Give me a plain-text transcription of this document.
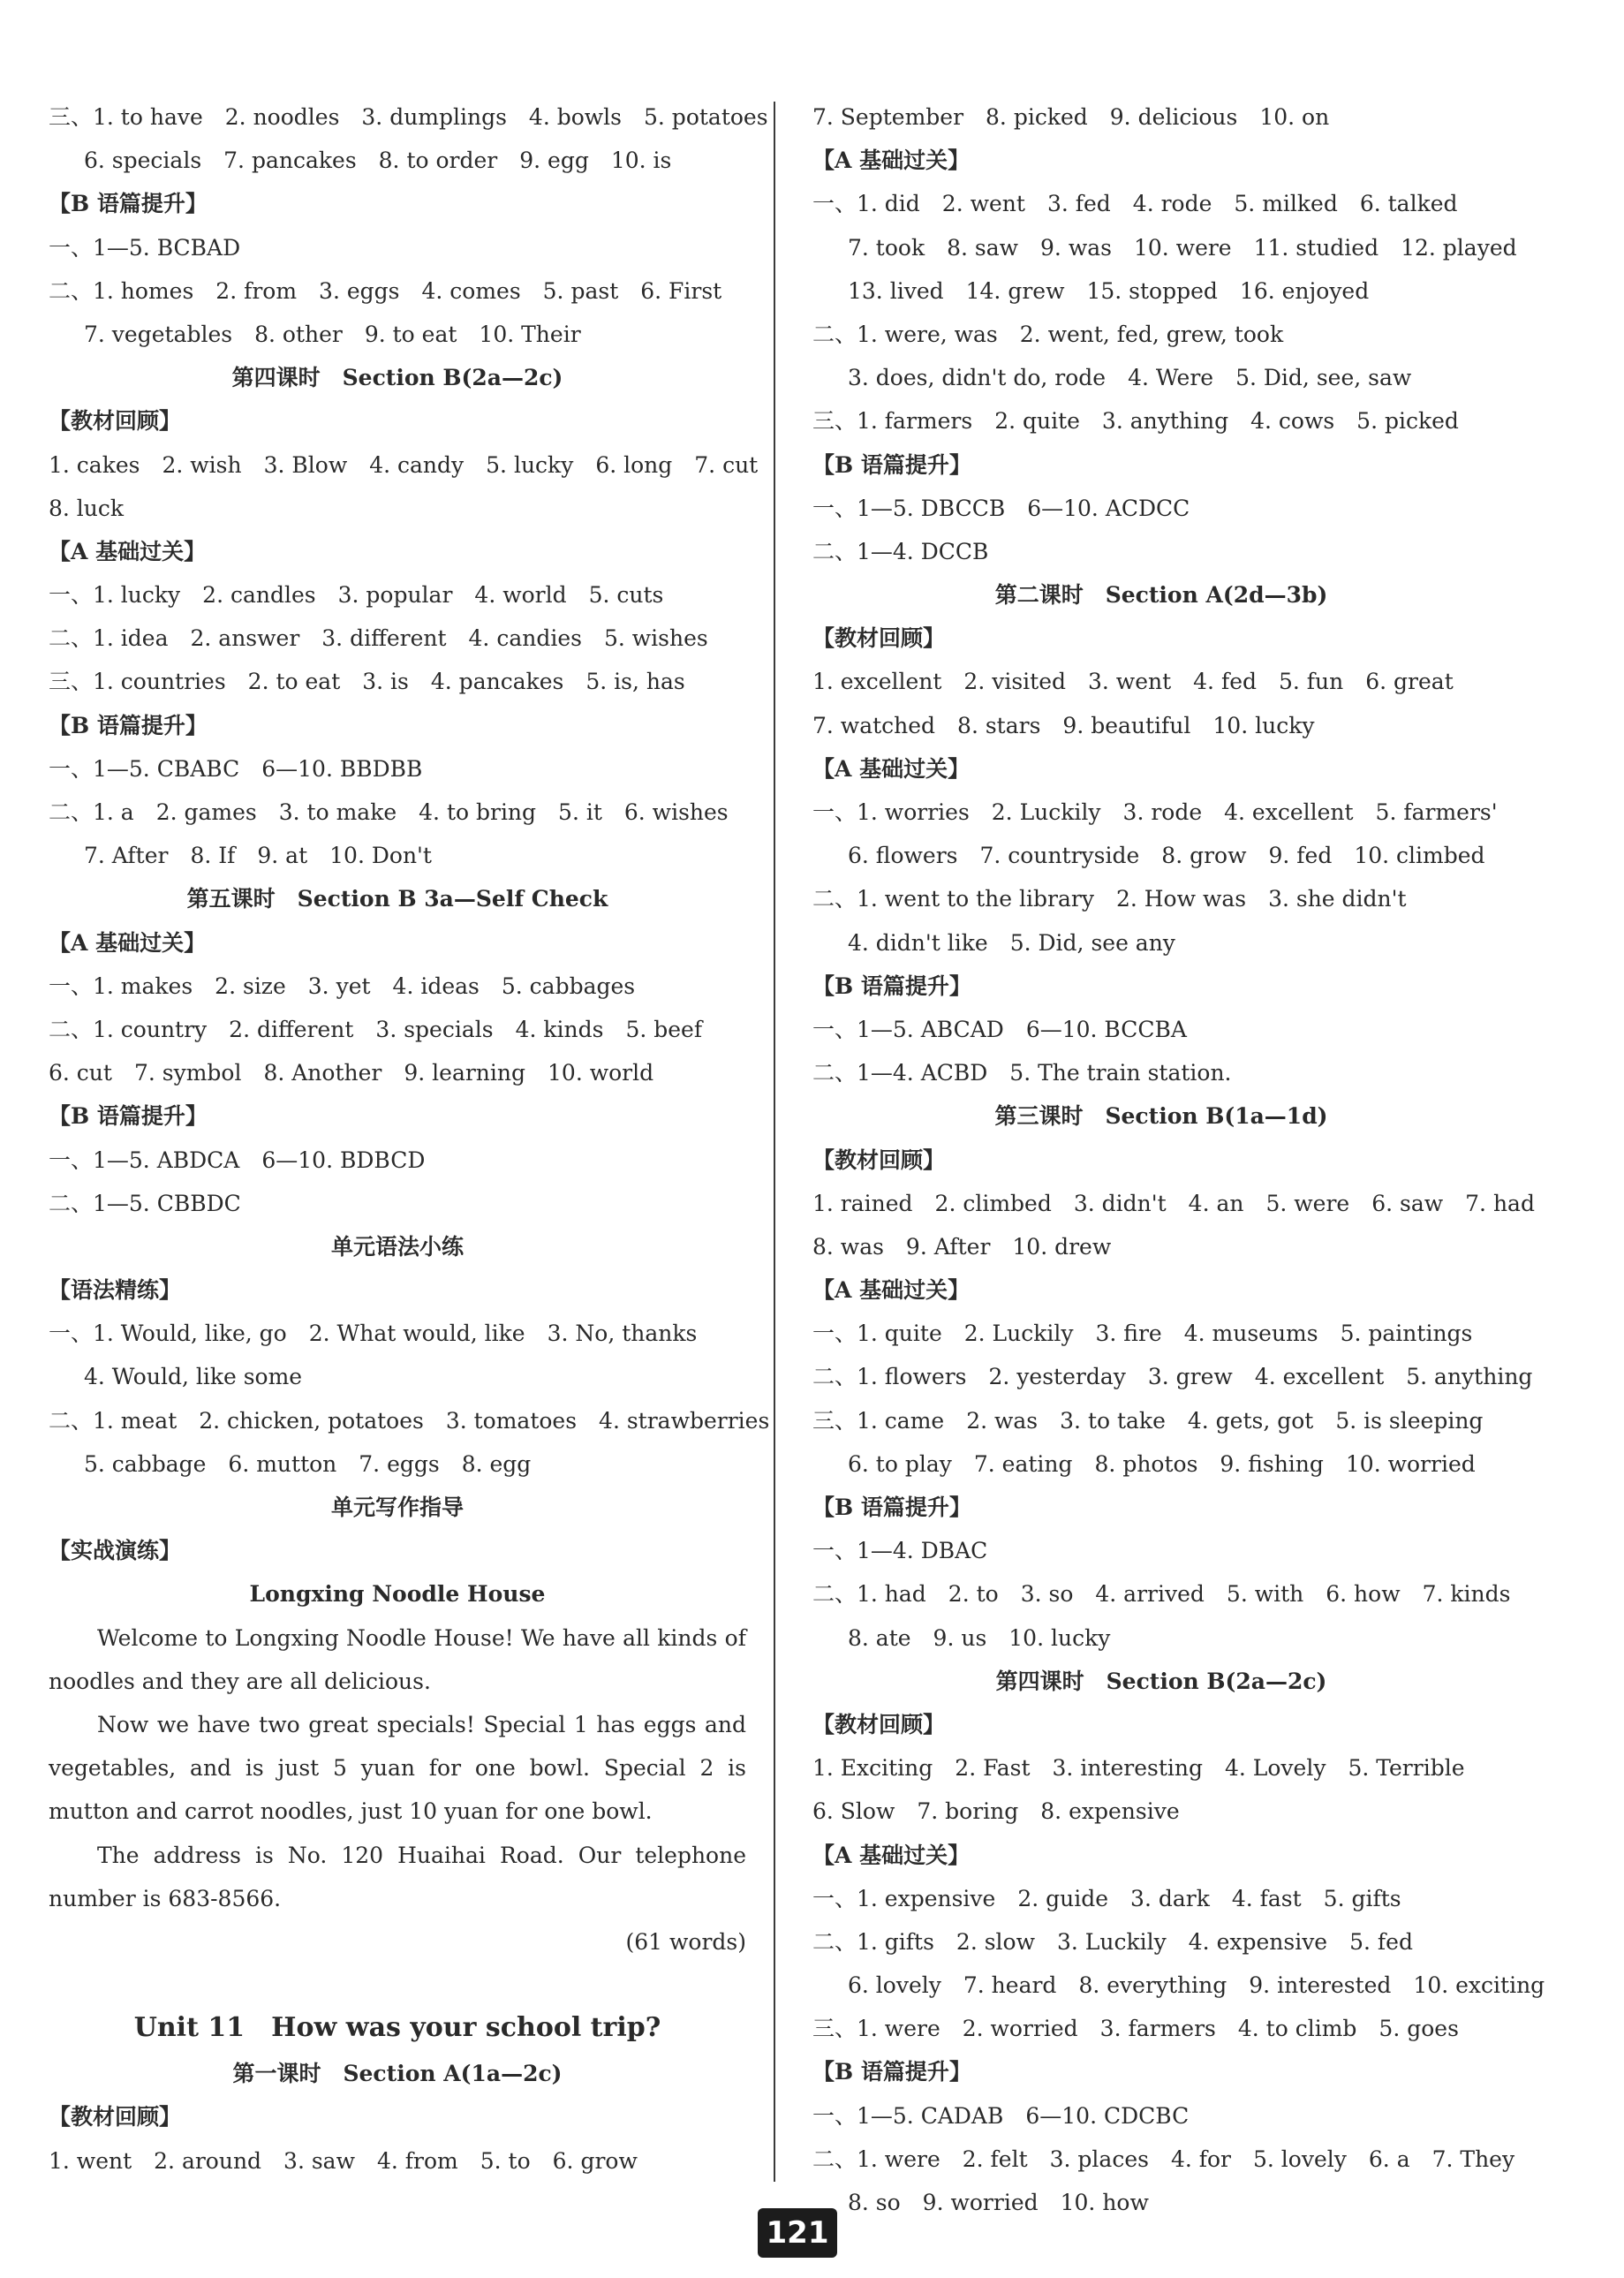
三、1. to have　2. noodles　3. dumplings　4. bowls　5. potatoes
6. specials　7. pancakes　8. to order　9. egg　10. is
【B 语篇提升】
一、1—5. BCBAD
二、1. homes　2. from　3. eggs　4. comes　5. past　6. First
7. vegetables　8. other　9. to eat　10. Their
第四课时　Section B(2a—2c)
【教材回顾】
1. cakes　2. wish　3. Blow　4. candy　5. lucky　6. long　7. cut
8. luck
【A 基础过关】
一、1. lucky　2. candles　3. popular　4. world　5. cuts
二、1. idea　2. answer　3. different　4. candies　5. wishes
三、1. countries　2. to eat　3. is　4. pancakes　5. is, has
【B 语篇提升】
一、1—5. CBABC　6—10. BBDBB
二、1. a　2. games　3. to make　4. to bring　5. it　6. wishes
7. After　8. If　9. at　10. Don't
第五课时　Section B 3a—Self Check
【A 基础过关】
一、1. makes　2. size　3. yet　4. ideas　5. cabbages
二、1. country　2. different　3. specials　4. kinds　5. beef
6. cut　7. symbol　8. Another　9. learning　10. world
【B 语篇提升】
一、1—5. ABDCA　6—10. BDBCD
二、1—5. CBBDC
单元语法小练
【语法精练】
一、1. Would, like, go　2. What would, like　3. No, thanks
4. Would, like some
二、1. meat　2. chicken, potatoes　3. tomatoes　4. strawberries
5. cabbage　6. mutton　7. eggs　8. egg
单元写作指导
【实战演练】
Longxing Noodle House

Welcome to Longxing Noodle House! We have all kinds of noodles and they are all delicious.

Now we have two great specials! Special 1 has eggs and vegetables, and is just 5 yuan for one bowl. Special 2 is mutton and carrot noodles, just 10 yuan for one bowl.

The address is No. 120 Huaihai Road. Our telephone number is 683-8566.

(61 words)
Unit 11　How was your school trip?
第一课时　Section A(1a—2c)
【教材回顾】
1. went　2. around　3. saw　4. from　5. to　6. grow
7. September　8. picked　9. delicious　10. on
【A 基础过关】
一、1. did　2. went　3. fed　4. rode　5. milked　6. talked
7. took　8. saw　9. was　10. were　11. studied　12. played
13. lived　14. grew　15. stopped　16. enjoyed
二、1. were, was　2. went, fed, grew, took
3. does, didn't do, rode　4. Were　5. Did, see, saw
三、1. farmers　2. quite　3. anything　4. cows　5. picked
【B 语篇提升】
一、1—5. DBCCB　6—10. ACDCC
二、1—4. DCCB
第二课时　Section A(2d—3b)
【教材回顾】
1. excellent　2. visited　3. went　4. fed　5. fun　6. great
7. watched　8. stars　9. beautiful　10. lucky
【A 基础过关】
一、1. worries　2. Luckily　3. rode　4. excellent　5. farmers'
6. flowers　7. countryside　8. grow　9. fed　10. climbed
二、1. went to the library　2. How was　3. she didn't
4. didn't like　5. Did, see any
【B 语篇提升】
一、1—5. ABCAD　6—10. BCCBA
二、1—4. ACBD　5. The train station.
第三课时　Section B(1a—1d)
【教材回顾】
1. rained　2. climbed　3. didn't　4. an　5. were　6. saw　7. had
8. was　9. After　10. drew
【A 基础过关】
一、1. quite　2. Luckily　3. fire　4. museums　5. paintings
二、1. flowers　2. yesterday　3. grew　4. excellent　5. anything
三、1. came　2. was　3. to take　4. gets, got　5. is sleeping
6. to play　7. eating　8. photos　9. fishing　10. worried
【B 语篇提升】
一、1—4. DBAC
二、1. had　2. to　3. so　4. arrived　5. with　6. how　7. kinds
8. ate　9. us　10. lucky
第四课时　Section B(2a—2c)
【教材回顾】
1. Exciting　2. Fast　3. interesting　4. Lovely　5. Terrible
6. Slow　7. boring　8. expensive
【A 基础过关】
一、1. expensive　2. guide　3. dark　4. fast　5. gifts
二、1. gifts　2. slow　3. Luckily　4. expensive　5. fed
6. lovely　7. heard　8. everything　9. interested　10. exciting
三、1. were　2. worried　3. farmers　4. to climb　5. goes
【B 语篇提升】
一、1—5. CADAB　6—10. CDCBC
二、1. were　2. felt　3. places　4. for　5. lovely　6. a　7. They
8. so　9. worried　10. how
121
